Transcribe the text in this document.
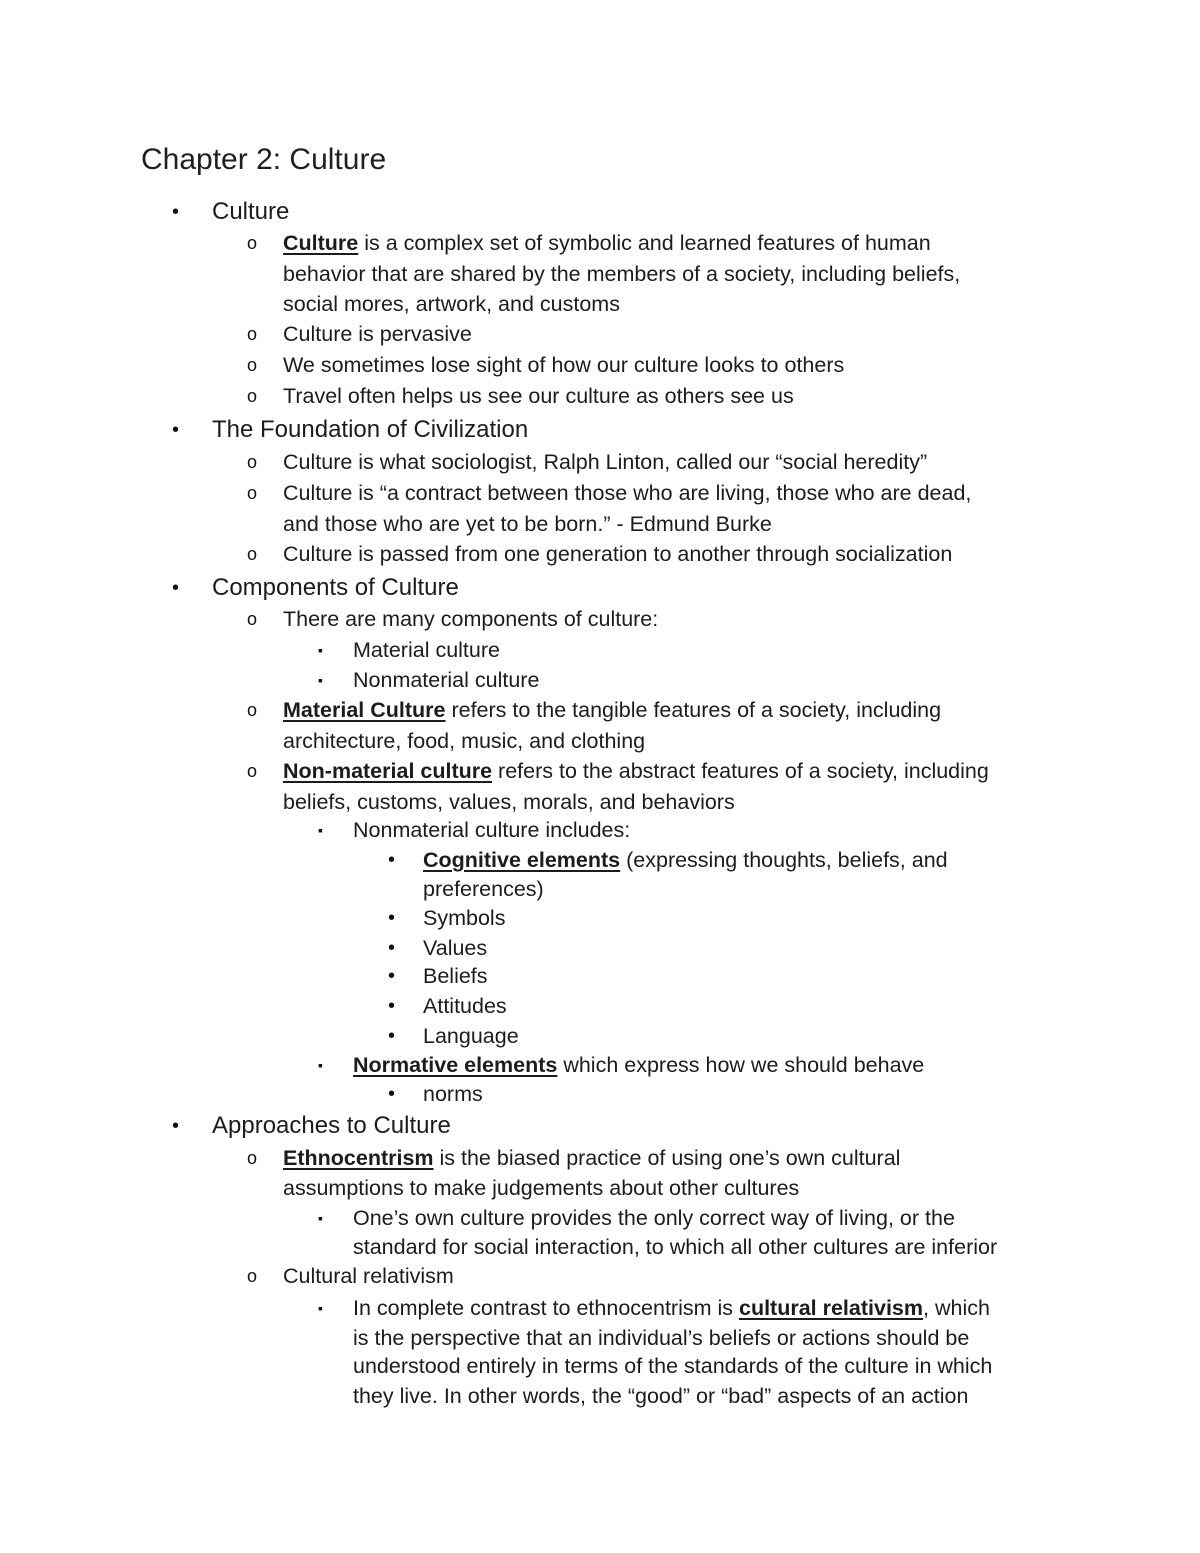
Chapter 2: Culture
• Culture
o Culture is a complex set of symbolic and learned features of human
behavior that are shared by the members of a society, including beliefs,
social mores, artwork, and customs
o Culture is pervasive
o We sometimes lose sight of how our culture looks to others
o Travel often helps us see our culture as others see us
• The Foundation of Civilization
o Culture is what sociologist, Ralph Linton, called our “social heredity”
o Culture is “a contract between those who are living, those who are dead,
and those who are yet to be born.” - Edmund Burke
o Culture is passed from one generation to another through socialization
• Components of Culture
o There are many components of culture:
▪ Material culture
▪ Nonmaterial culture
o Material Culture refers to the tangible features of a society, including
architecture, food, music, and clothing
o Non-material culture refers to the abstract features of a society, including
beliefs, customs, values, morals, and behaviors
▪ Nonmaterial culture includes:
• Cognitive elements (expressing thoughts, beliefs, and
preferences)
• Symbols
• Values
• Beliefs
• Attitudes
• Language
▪ Normative elements which express how we should behave
• norms
• Approaches to Culture
o Ethnocentrism is the biased practice of using one’s own cultural
assumptions to make judgements about other cultures
▪ One’s own culture provides the only correct way of living, or the
standard for social interaction, to which all other cultures are inferior
o Cultural relativism
▪ In complete contrast to ethnocentrism is cultural relativism, which
is the perspective that an individual’s beliefs or actions should be
understood entirely in terms of the standards of the culture in which
they live. In other words, the “good” or “bad” aspects of an action
